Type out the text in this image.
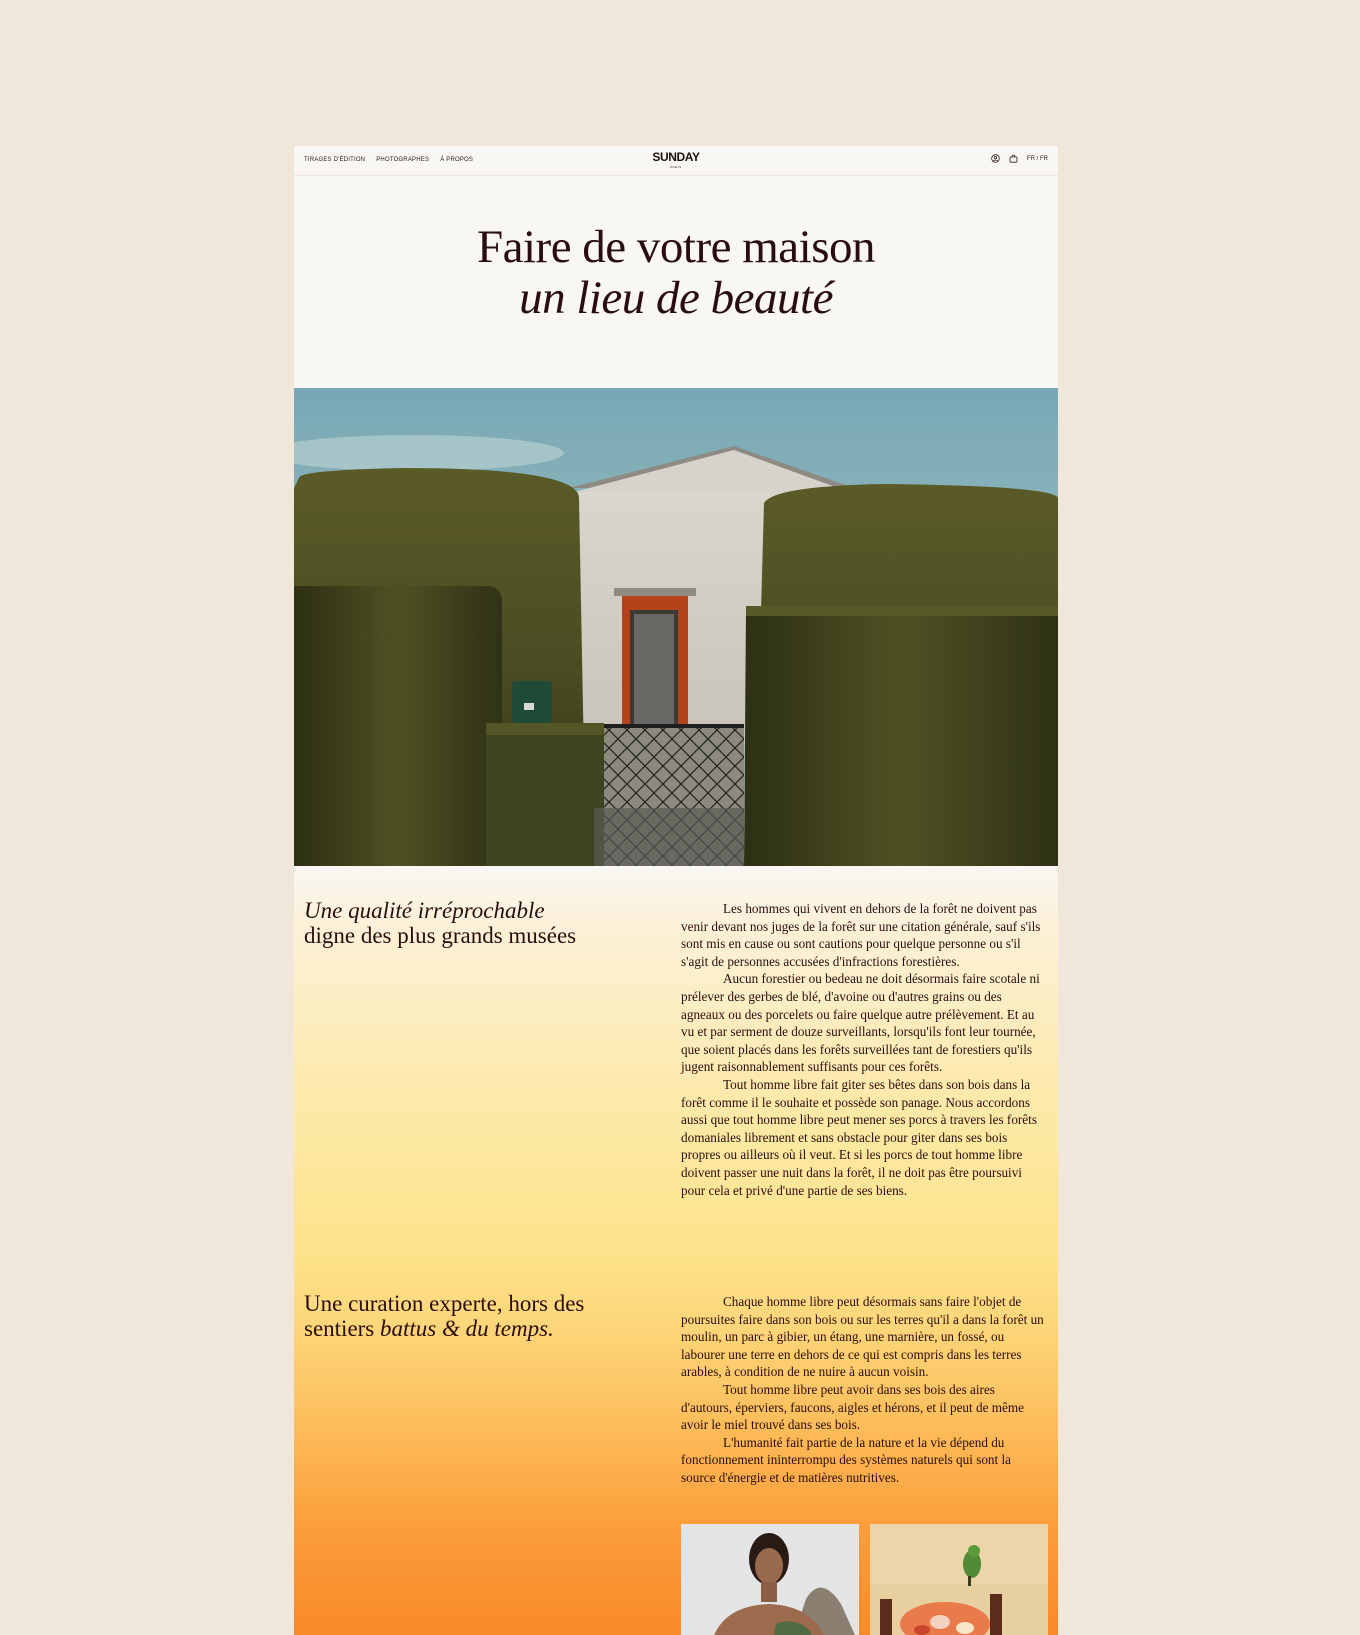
TIRAGES D'ÉDITION PHOTOGRAPHES À PROPOS	SUNDAY
PARIS
FR / FR
Faire de votre maison
un lieu de beauté
Une qualité irréprochable
digne des plus grands musées

Les hommes qui vivent en dehors de la forêt ne doivent pas venir devant nos juges de la forêt sur une citation générale, sauf s'ils sont mis en cause ou sont cautions pour quelque personne ou s'il s'agit de personnes accusées d'infractions forestières.

Aucun forestier ou bedeau ne doit désormais faire scotale ni prélever des gerbes de blé, d'avoine ou d'autres grains ou des agneaux ou des porcelets ou faire quelque autre prélèvement. Et au vu et par serment de douze surveillants, lorsqu'ils font leur tournée, que soient placés dans les forêts surveillées tant de forestiers qu'ils jugent raisonnablement suffisants pour ces forêts.

Tout homme libre fait giter ses bêtes dans son bois dans la forêt comme il le souhaite et possède son panage. Nous accordons aussi que tout homme libre peut mener ses porcs à travers les forêts domaniales librement et sans obstacle pour giter dans ses bois propres ou ailleurs où il veut. Et si les porcs de tout homme libre doivent passer une nuit dans la forêt, il ne doit pas être poursuivi pour cela et privé d'une partie de ses biens.

Une curation experte, hors des sentiers battus & du temps.

Chaque homme libre peut désormais sans faire l'objet de poursuites faire dans son bois ou sur les terres qu'il a dans la forêt un moulin, un parc à gibier, un étang, une marnière, un fossé, ou labourer une terre en dehors de ce qui est compris dans les terres arables, à condition de ne nuire à aucun voisin.

Tout homme libre peut avoir dans ses bois des aires d'autours, éperviers, faucons, aigles et hérons, et il peut de même avoir le miel trouvé dans ses bois.

L'humanité fait partie de la nature et la vie dépend du fonctionnement ininterrompu des systèmes naturels qui sont la source d'énergie et de matières nutritives.
